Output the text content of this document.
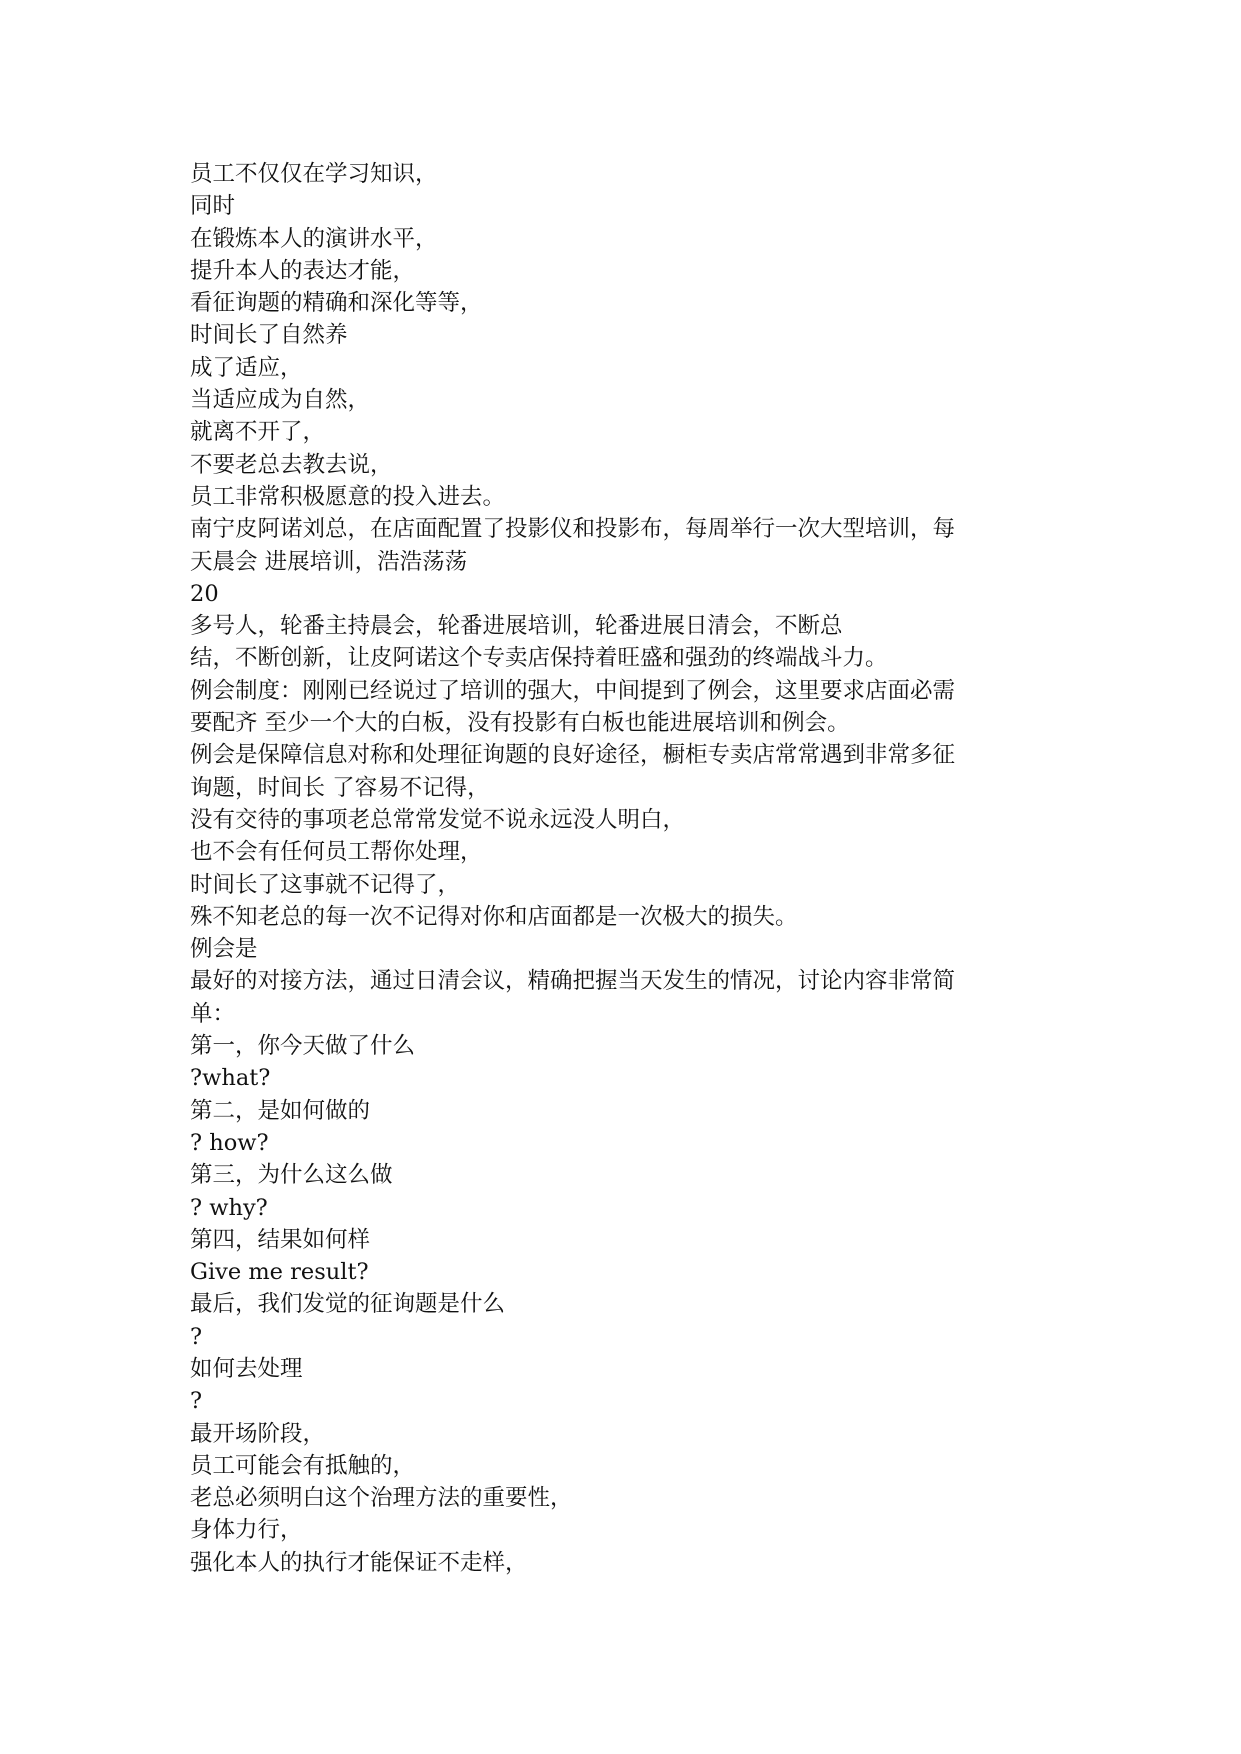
员工不仅仅在学习知识，
同时
在锻炼本人的演讲水平，
提升本人的表达才能，
看征询题的精确和深化等等，
时间长了自然养
成了适应，
当适应成为自然，
就离不开了，
不要老总去教去说，
员工非常积极愿意的投入进去。
南宁皮阿诺刘总，在店面配置了投影仪和投影布，每周举行一次大型培训，每
天晨会 进展培训，浩浩荡荡
20
多号人，轮番主持晨会，轮番进展培训，轮番进展日清会，不断总
结，不断创新，让皮阿诺这个专卖店保持着旺盛和强劲的终端战斗力。
例会制度：刚刚已经说过了培训的强大，中间提到了例会，这里要求店面必需
要配齐 至少一个大的白板，没有投影有白板也能进展培训和例会。
例会是保障信息对称和处理征询题的良好途径，橱柜专卖店常常遇到非常多征
询题，时间长 了容易不记得，
没有交待的事项老总常常发觉不说永远没人明白，
也不会有任何员工帮你处理，
时间长了这事就不记得了，
殊不知老总的每一次不记得对你和店面都是一次极大的损失。
例会是
最好的对接方法，通过日清会议，精确把握当天发生的情况，讨论内容非常简
单：
第一，你今天做了什么
?what?
第二，是如何做的
? how?
第三，为什么这么做
? why?
第四，结果如何样
Give me result?
最后，我们发觉的征询题是什么
?
如何去处理
?
最开场阶段，
员工可能会有抵触的，
老总必须明白这个治理方法的重要性，
身体力行，
强化本人的执行才能保证不走样，
